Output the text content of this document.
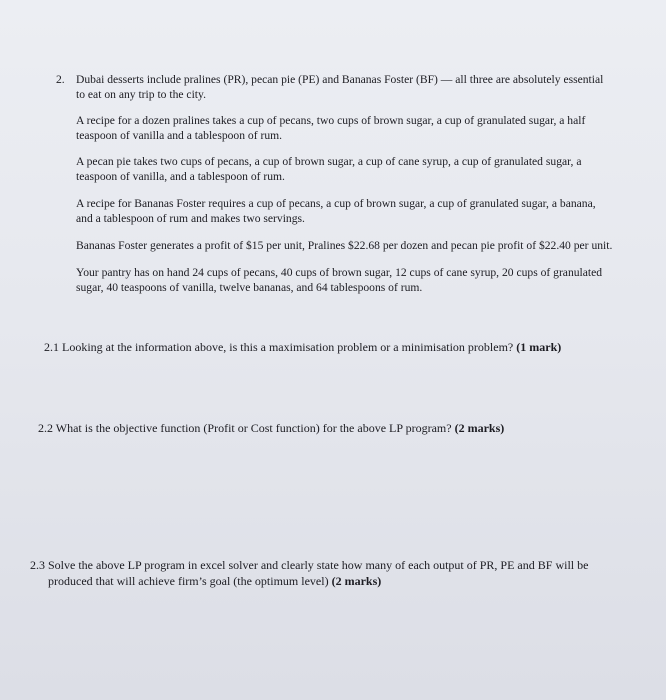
2. Dubai desserts include pralines (PR), pecan pie (PE) and Bananas Foster (BF) — all three are absolutely essential
to eat on any trip to the city.
A recipe for a dozen pralines takes a cup of pecans, two cups of brown sugar, a cup of granulated sugar, a half
teaspoon of vanilla and a tablespoon of rum.
A pecan pie takes two cups of pecans, a cup of brown sugar, a cup of cane syrup, a cup of granulated sugar, a
teaspoon of vanilla, and a tablespoon of rum.
A recipe for Bananas Foster requires a cup of pecans, a cup of brown sugar, a cup of granulated sugar, a banana,
and a tablespoon of rum and makes two servings.
Bananas Foster generates a profit of $15 per unit, Pralines $22.68 per dozen and pecan pie profit of $22.40 per unit.
Your pantry has on hand 24 cups of pecans, 40 cups of brown sugar, 12 cups of cane syrup, 20 cups of granulated
sugar, 40 teaspoons of vanilla, twelve bananas, and 64 tablespoons of rum.
2.1 Looking at the information above, is this a maximisation problem or a minimisation problem? (1 mark)
2.2 What is the objective function (Profit or Cost function) for the above LP program? (2 marks)
2.3 Solve the above LP program in excel solver and clearly state how many of each output of PR, PE and BF will be
produced that will achieve firm’s goal (the optimum level) (2 marks)
